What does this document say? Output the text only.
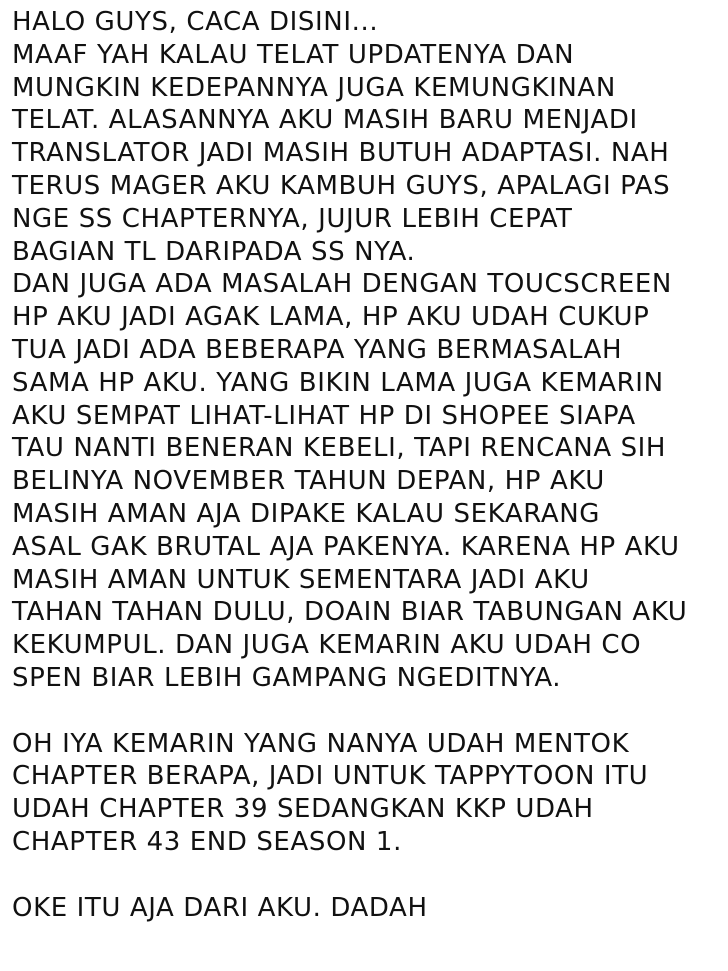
HALO GUYS, CACA DISINI...
MAAF YAH KALAU TELAT UPDATENYA DAN
MUNGKIN KEDEPANNYA JUGA KEMUNGKINAN
TELAT. ALASANNYA AKU MASIH BARU MENJADI
TRANSLATOR JADI MASIH BUTUH ADAPTASI. NAH
TERUS MAGER AKU KAMBUH GUYS, APALAGI PAS
NGE SS CHAPTERNYA, JUJUR LEBIH CEPAT
BAGIAN TL DARIPADA SS NYA.
DAN JUGA ADA MASALAH DENGAN TOUCSCREEN
HP AKU JADI AGAK LAMA, HP AKU UDAH CUKUP
TUA JADI ADA BEBERAPA YANG BERMASALAH
SAMA HP AKU. YANG BIKIN LAMA JUGA KEMARIN
AKU SEMPAT LIHAT-LIHAT HP DI SHOPEE SIAPA
TAU NANTI BENERAN KEBELI, TAPI RENCANA SIH
BELINYA NOVEMBER TAHUN DEPAN, HP AKU
MASIH AMAN AJA DIPAKE KALAU SEKARANG
ASAL GAK BRUTAL AJA PAKENYA. KARENA HP AKU
MASIH AMAN UNTUK SEMENTARA JADI AKU
TAHAN TAHAN DULU, DOAIN BIAR TABUNGAN AKU
KEKUMPUL. DAN JUGA KEMARIN AKU UDAH CO
SPEN BIAR LEBIH GAMPANG NGEDITNYA.
OH IYA KEMARIN YANG NANYA UDAH MENTOK
CHAPTER BERAPA, JADI UNTUK TAPPYTOON ITU
UDAH CHAPTER 39 SEDANGKAN KKP UDAH
CHAPTER 43 END SEASON 1.
OKE ITU AJA DARI AKU. DADAH
